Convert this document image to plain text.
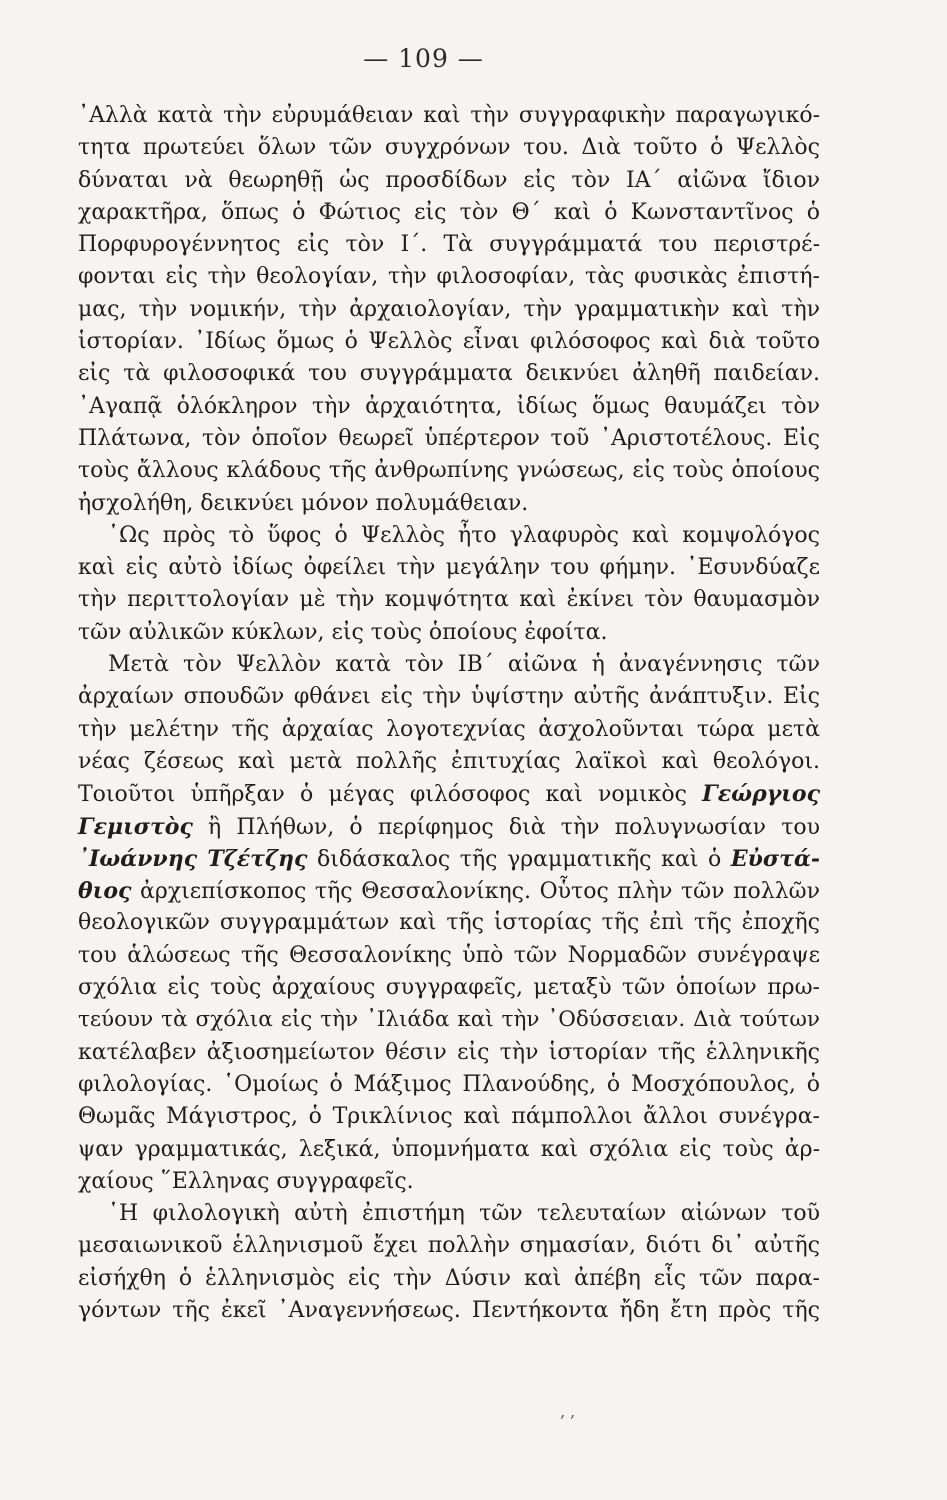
— 109 —
᾿Αλλὰ κατὰ τὴν εὐρυμάθειαν καὶ τὴν συγγραφικὴν παραγωγικό-
τητα πρωτεύει ὅλων τῶν συγχρόνων του. Διὰ τοῦτο ὁ Ψελλὸς
δύναται νὰ θεωρηθῇ ὡς προσδίδων εἰς τὸν ΙΑ΄ αἰῶνα ἴδιον
χαρακτῆρα, ὅπως ὁ Φώτιος εἰς τὸν Θ΄ καὶ ὁ Κωνσταντῖνος ὁ
Πορφυρογέννητος εἰς τὸν Ι΄. Τὰ συγγράμματά του περιστρέ-
φονται εἰς τὴν θεολογίαν, τὴν φιλοσοφίαν, τὰς φυσικὰς ἐπιστή-
μας, τὴν νομικήν, τὴν ἀρχαιολογίαν, τὴν γραμματικὴν καὶ τὴν
ἱστορίαν. ᾿Ιδίως ὅμως ὁ Ψελλὸς εἶναι φιλόσοφος καὶ διὰ τοῦτο
εἰς τὰ φιλοσοφικά του συγγράμματα δεικνύει ἀληθῆ παιδείαν.
᾿Αγαπᾷ ὁλόκληρον τὴν ἀρχαιότητα, ἰδίως ὅμως θαυμάζει τὸν
Πλάτωνα, τὸν ὁποῖον θεωρεῖ ὑπέρτερον τοῦ ᾿Αριστοτέλους. Εἰς
τοὺς ἄλλους κλάδους τῆς ἀνθρωπίνης γνώσεως, εἰς τοὺς ὁποίους
ἠσχολήθη, δεικνύει μόνον πολυμάθειαν.
῾Ως πρὸς τὸ ὕφος ὁ Ψελλὸς ἦτο γλαφυρὸς καὶ κομψολόγος
καὶ εἰς αὐτὸ ἰδίως ὀφείλει τὴν μεγάλην του φήμην. ᾿Εσυνδύαζε
τὴν περιττολογίαν μὲ τὴν κομψότητα καὶ ἐκίνει τὸν θαυμασμὸν
τῶν αὐλικῶν κύκλων, εἰς τοὺς ὁποίους ἐφοίτα.
Μετὰ τὸν Ψελλὸν κατὰ τὸν ΙΒ΄ αἰῶνα ἡ ἀναγέννησις τῶν
ἀρχαίων σπουδῶν φθάνει εἰς τὴν ὑψίστην αὐτῆς ἀνάπτυξιν. Εἰς
τὴν μελέτην τῆς ἀρχαίας λογοτεχνίας ἀσχολοῦνται τώρα μετὰ
νέας ζέσεως καὶ μετὰ πολλῆς ἐπιτυχίας λαϊκοὶ καὶ θεολόγοι.
Τοιοῦτοι ὑπῆρξαν ὁ μέγας φιλόσοφος καὶ νομικὸς Γεώργιος
Γεμιστὸς ἢ Πλήθων, ὁ περίφημος διὰ τὴν πολυγνωσίαν του
᾿Ιωάννης Τζέτζης διδάσκαλος τῆς γραμματικῆς καὶ ὁ Εὐστά-
θιος ἀρχιεπίσκοπος τῆς Θεσσαλονίκης. Οὗτος πλὴν τῶν πολλῶν
θεολογικῶν συγγραμμάτων καὶ τῆς ἱστορίας τῆς ἐπὶ τῆς ἐποχῆς
του ἁλώσεως τῆς Θεσσαλονίκης ὑπὸ τῶν Νορμαδῶν συνέγραψε
σχόλια εἰς τοὺς ἀρχαίους συγγραφεῖς, μεταξὺ τῶν ὁποίων πρω-
τεύουν τὰ σχόλια εἰς τὴν ᾿Ιλιάδα καὶ τὴν ᾿Οδύσσειαν. Διὰ τούτων
κατέλαβεν ἀξιοσημείωτον θέσιν εἰς τὴν ἱστορίαν τῆς ἑλληνικῆς
φιλολογίας. ῾Ομοίως ὁ Μάξιμος Πλανούδης, ὁ Μοσχόπουλος, ὁ
Θωμᾶς Μάγιστρος, ὁ Τρικλίνιος καὶ πάμπολλοι ἄλλοι συνέγρα-
ψαν γραμματικάς, λεξικά, ὑπομνήματα καὶ σχόλια εἰς τοὺς ἀρ-
χαίους ῞Ελληνας συγγραφεῖς.
῾Η φιλολογικὴ αὐτὴ ἐπιστήμη τῶν τελευταίων αἰώνων τοῦ
μεσαιωνικοῦ ἑλληνισμοῦ ἔχει πολλὴν σημασίαν, διότι δι᾿ αὐτῆς
εἰσήχθη ὁ ἑλληνισμὸς εἰς τὴν Δύσιν καὶ ἀπέβη εἷς τῶν παρα-
γόντων τῆς ἐκεῖ ᾿Αναγεννήσεως. Πεντήκοντα ἤδη ἔτη πρὸς τῆς
‚ ,
